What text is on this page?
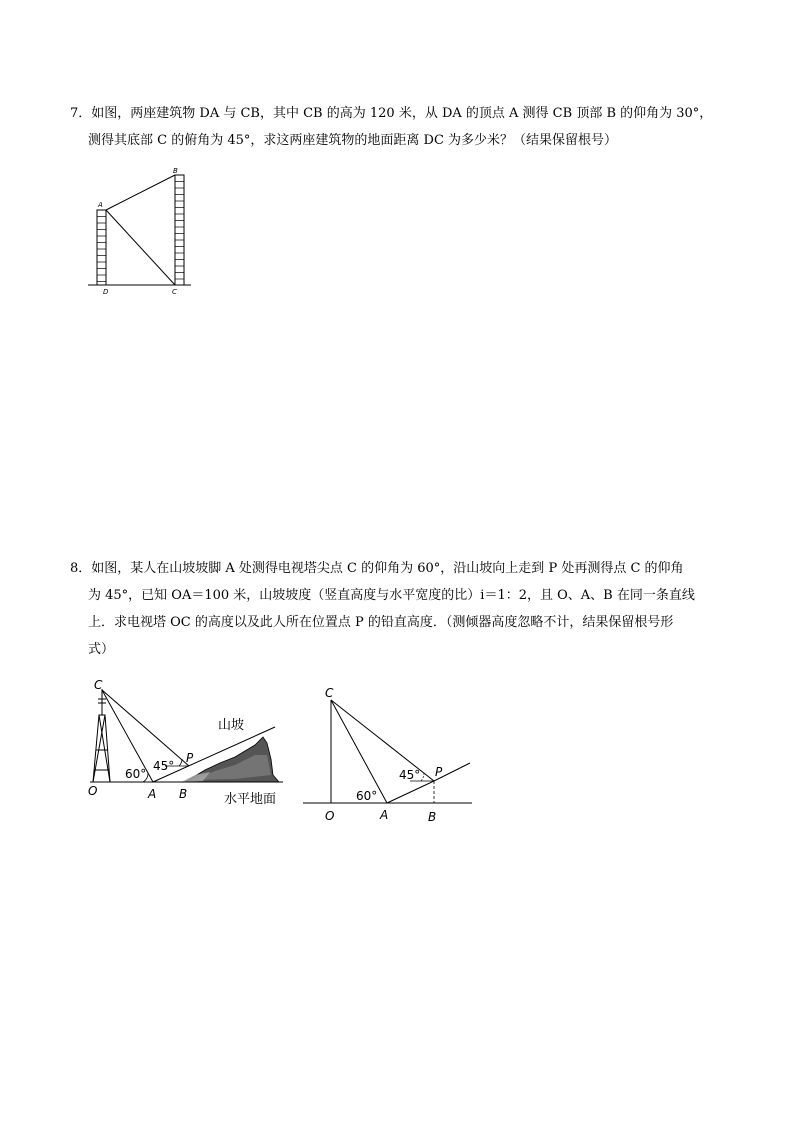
7．如图，两座建筑物 DA 与 CB，其中 CB 的高为 120 米，从 DA 的顶点 A 测得 CB 顶部 B 的仰角为 30°，

测得其底部 C 的俯角为 45°，求这两座建筑物的地面距离 DC 为多少米？（结果保留根号）

A
B
C
D

8．如图，某人在山坡坡脚 A 处测得电视塔尖点 C 的仰角为 60°，沿山坡向上走到 P 处再测得点 C 的仰角

为 45°，已知 OA＝100 米，山坡坡度（竖直高度与水平宽度的比）i＝1：2，且 O、A、B 在同一条直线

上．求电视塔 OC 的高度以及此人所在位置点 P 的铅直高度．（测倾器高度忽略不计，结果保留根号形

式）

C
O	A B
P
60°
45°
山坡
水平地面
C
O	A	B
P
60°
45°
